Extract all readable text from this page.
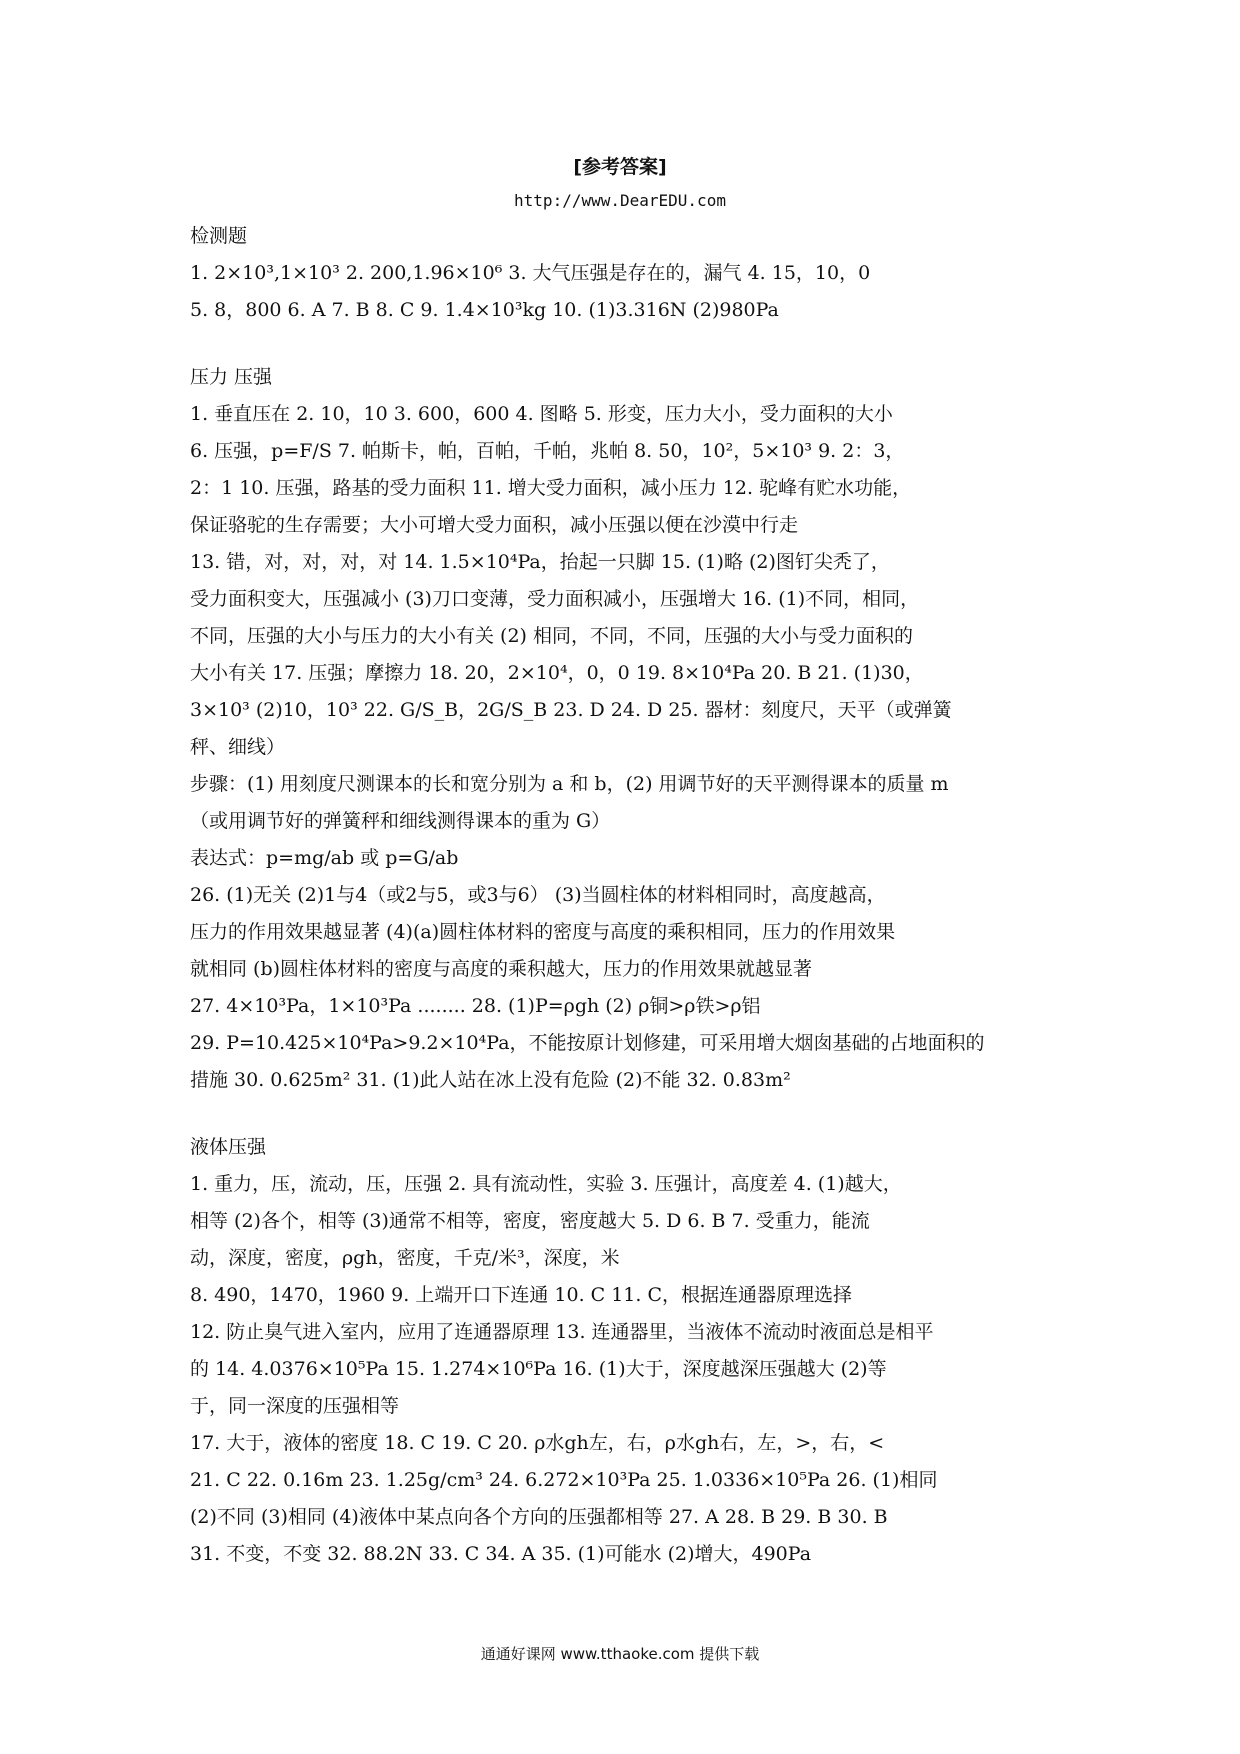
[参考答案]
http://www.DearEDU.com
检测题
1. 2×10³,1×10³ 2. 200,1.96×10⁶ 3. 大气压强是存在的，漏气 4. 15，10，0
5. 8，800 6. A 7. B 8. C 9. 1.4×10³kg 10. (1)3.316N (2)980Pa
压力 压强
1. 垂直压在 2. 10，10 3. 600，600 4. 图略 5. 形变，压力大小，受力面积的大小
6. 压强，p=F/S 7. 帕斯卡，帕，百帕，千帕，兆帕 8. 50，10²，5×10³ 9. 2：3，
2：1 10. 压强，路基的受力面积 11. 增大受力面积，减小压力 12. 驼峰有贮水功能，
保证骆驼的生存需要；大小可增大受力面积，减小压强以便在沙漠中行走
13. 错，对，对，对，对 14. 1.5×10⁴Pa，抬起一只脚 15. (1)略 (2)图钉尖秃了，
受力面积变大，压强减小 (3)刀口变薄，受力面积减小，压强增大 16. (1)不同，相同，
不同，压强的大小与压力的大小有关 (2) 相同，不同，不同，压强的大小与受力面积的
大小有关 17. 压强；摩擦力 18. 20，2×10⁴，0，0 19. 8×10⁴Pa 20. B 21. (1)30，
3×10³ (2)10，10³ 22. G/S_B，2G/S_B 23. D 24. D 25. 器材：刻度尺，天平（或弹簧
秤、细线）
步骤：(1) 用刻度尺测课本的长和宽分别为 a 和 b，(2) 用调节好的天平测得课本的质量 m
（或用调节好的弹簧秤和细线测得课本的重为 G）
表达式：p=mg/ab 或 p=G/ab
26. (1)无关 (2)1与4（或2与5，或3与6） (3)当圆柱体的材料相同时，高度越高，
压力的作用效果越显著 (4)(a)圆柱体材料的密度与高度的乘积相同，压力的作用效果
就相同 (b)圆柱体材料的密度与高度的乘积越大，压力的作用效果就越显著
27. 4×10³Pa，1×10³Pa ........ 28. (1)P=ρgh (2) ρ铜>ρ铁>ρ铝
29. P=10.425×10⁴Pa>9.2×10⁴Pa，不能按原计划修建，可采用增大烟囱基础的占地面积的
措施 30. 0.625m² 31. (1)此人站在冰上没有危险 (2)不能 32. 0.83m²
液体压强
1. 重力，压，流动，压，压强 2. 具有流动性，实验 3. 压强计，高度差 4. (1)越大，
相等 (2)各个，相等 (3)通常不相等，密度，密度越大 5. D 6. B 7. 受重力，能流
动，深度，密度，ρgh，密度，千克/米³，深度，米
8. 490，1470，1960 9. 上端开口下连通 10. C 11. C，根据连通器原理选择
12. 防止臭气进入室内，应用了连通器原理 13. 连通器里，当液体不流动时液面总是相平
的 14. 4.0376×10⁵Pa 15. 1.274×10⁶Pa 16. (1)大于，深度越深压强越大 (2)等
于，同一深度的压强相等
17. 大于，液体的密度 18. C 19. C 20. ρ水gh左，右，ρ水gh右，左，>，右，<
21. C 22. 0.16m 23. 1.25g/cm³ 24. 6.272×10³Pa 25. 1.0336×10⁵Pa 26. (1)相同
(2)不同 (3)相同 (4)液体中某点向各个方向的压强都相等 27. A 28. B 29. B 30. B
31. 不变，不变 32. 88.2N 33. C 34. A 35. (1)可能水 (2)增大，490Pa
通通好课网 www.tthaoke.com 提供下载
